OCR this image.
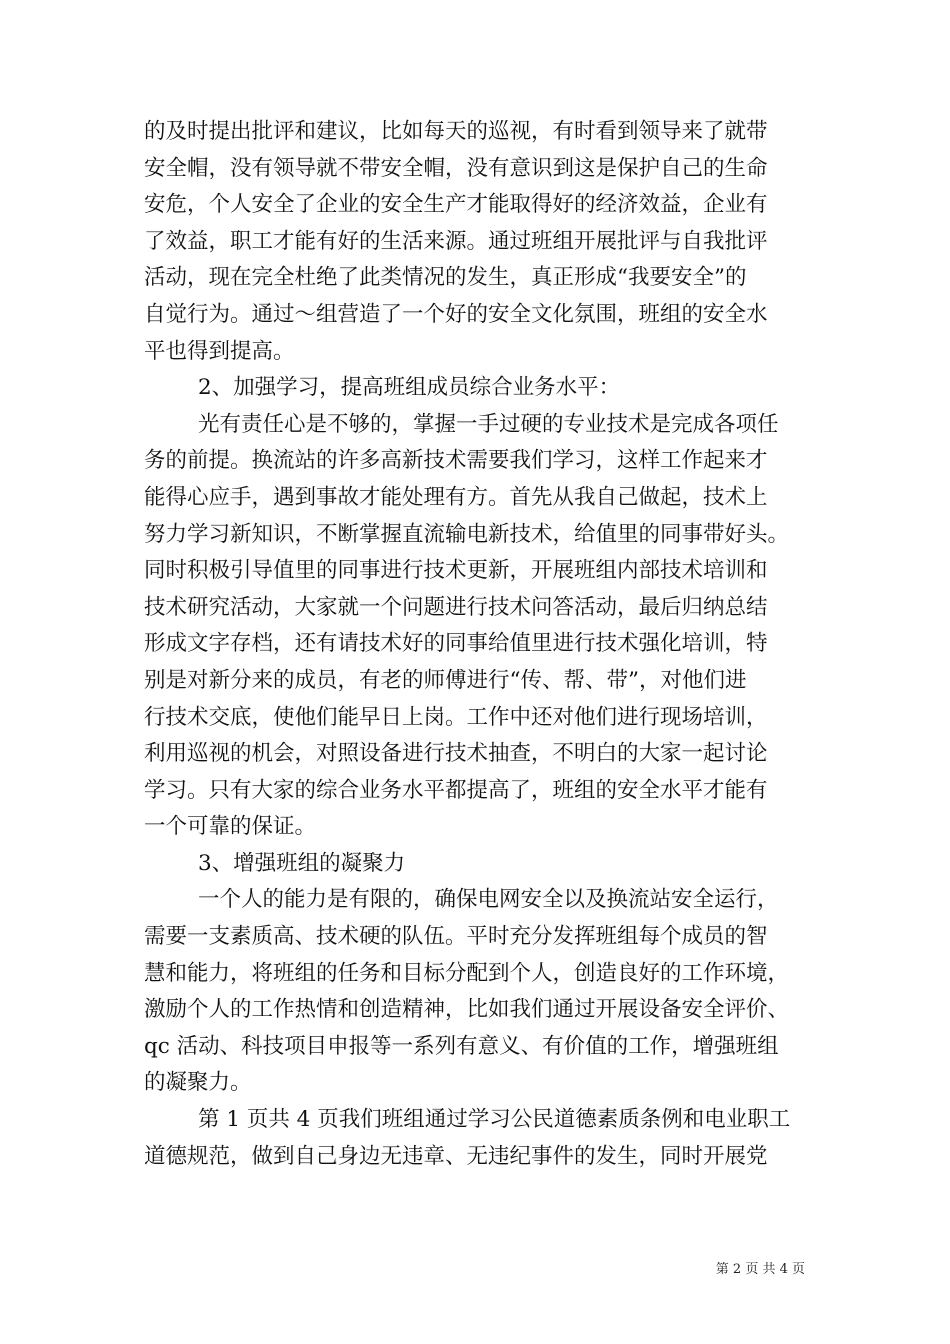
的及时提出批评和建议，比如每天的巡视，有时看到领导来了就带
安全帽，没有领导就不带安全帽，没有意识到这是保护自己的生命
安危，个人安全了企业的安全生产才能取得好的经济效益，企业有
了效益，职工才能有好的生活来源。通过班组开展批评与自我批评
活动，现在完全杜绝了此类情况的发生，真正形成“我要安全”的
自觉行为。通过～组营造了一个好的安全文化氛围，班组的安全水
平也得到提高。
2、加强学习，提高班组成员综合业务水平：
光有责任心是不够的，掌握一手过硬的专业技术是完成各项任
务的前提。换流站的许多高新技术需要我们学习，这样工作起来才
能得心应手，遇到事故才能处理有方。首先从我自己做起，技术上
努力学习新知识，不断掌握直流输电新技术，给值里的同事带好头。
同时积极引导值里的同事进行技术更新，开展班组内部技术培训和
技术研究活动，大家就一个问题进行技术问答活动，最后归纳总结
形成文字存档，还有请技术好的同事给值里进行技术强化培训，特
别是对新分来的成员，有老的师傅进行“传、帮、带”，对他们进
行技术交底，使他们能早日上岗。工作中还对他们进行现场培训，
利用巡视的机会，对照设备进行技术抽查，不明白的大家一起讨论
学习。只有大家的综合业务水平都提高了，班组的安全水平才能有
一个可靠的保证。
3、增强班组的凝聚力
一个人的能力是有限的，确保电网安全以及换流站安全运行，
需要一支素质高、技术硬的队伍。平时充分发挥班组每个成员的智
慧和能力，将班组的任务和目标分配到个人，创造良好的工作环境，
激励个人的工作热情和创造精神，比如我们通过开展设备安全评价、
qc 活动、科技项目申报等一系列有意义、有价值的工作，增强班组
的凝聚力。
第 1 页共 4 页我们班组通过学习公民道德素质条例和电业职工
道德规范，做到自己身边无违章、无违纪事件的发生，同时开展党
第 2 页 共 4 页
